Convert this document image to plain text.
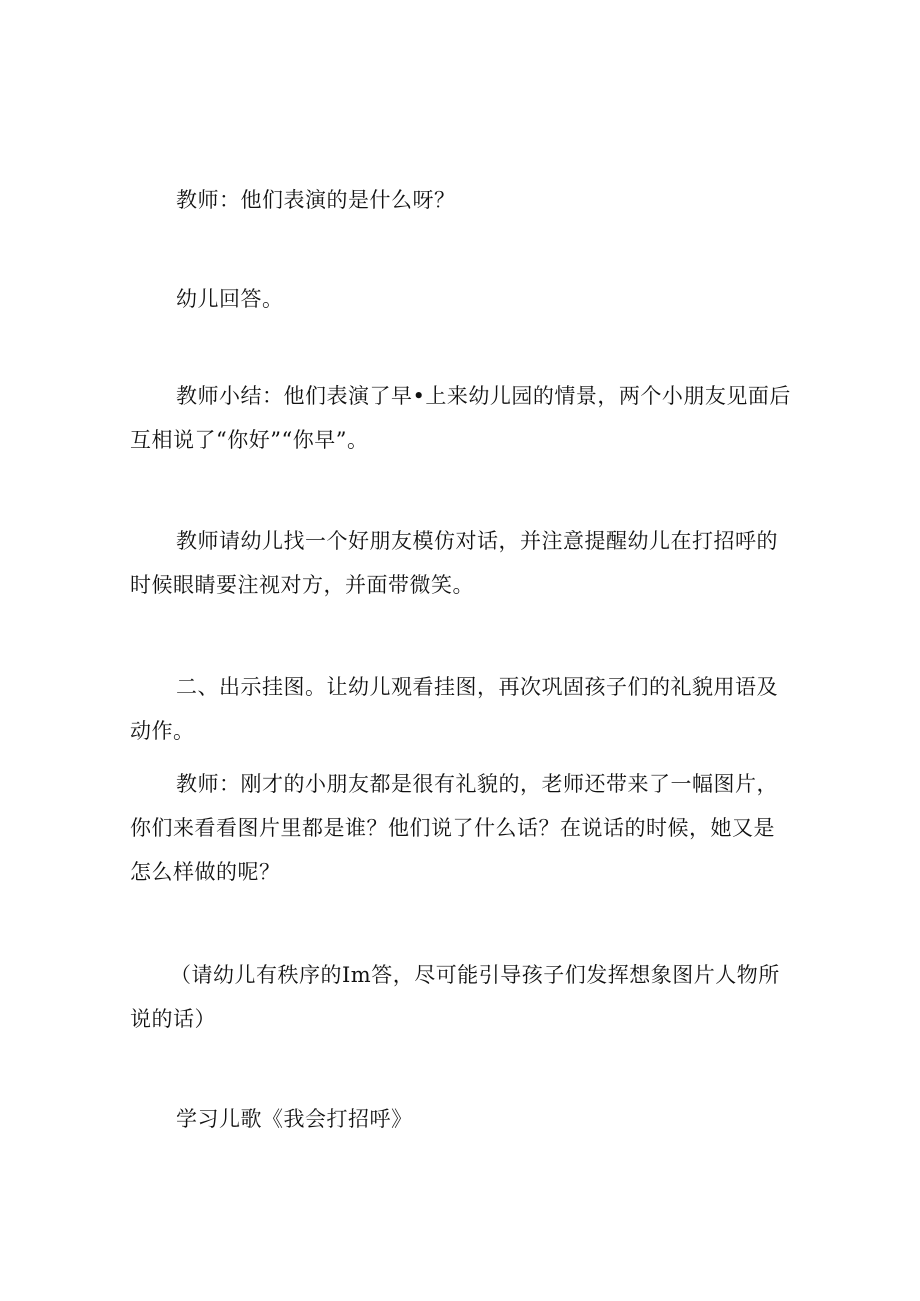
教师：他们表演的是什么呀？

幼儿回答。

教师小结：他们表演了早•上来幼儿园的情景，两个小朋友见面后互相说了“你好”“你早”。

教师请幼儿找一个好朋友模仿对话，并注意提醒幼儿在打招呼的时候眼睛要注视对方，并面带微笑。

二、出示挂图。让幼儿观看挂图，再次巩固孩子们的礼貌用语及动作。

教师：刚才的小朋友都是很有礼貌的，老师还带来了一幅图片，你们来看看图片里都是谁？他们说了什么话？在说话的时候，她又是怎么样做的呢？

（请幼儿有秩序的Im答，尽可能引导孩子们发挥想象图片人物所说的话）

学习儿歌《我会打招呼》
